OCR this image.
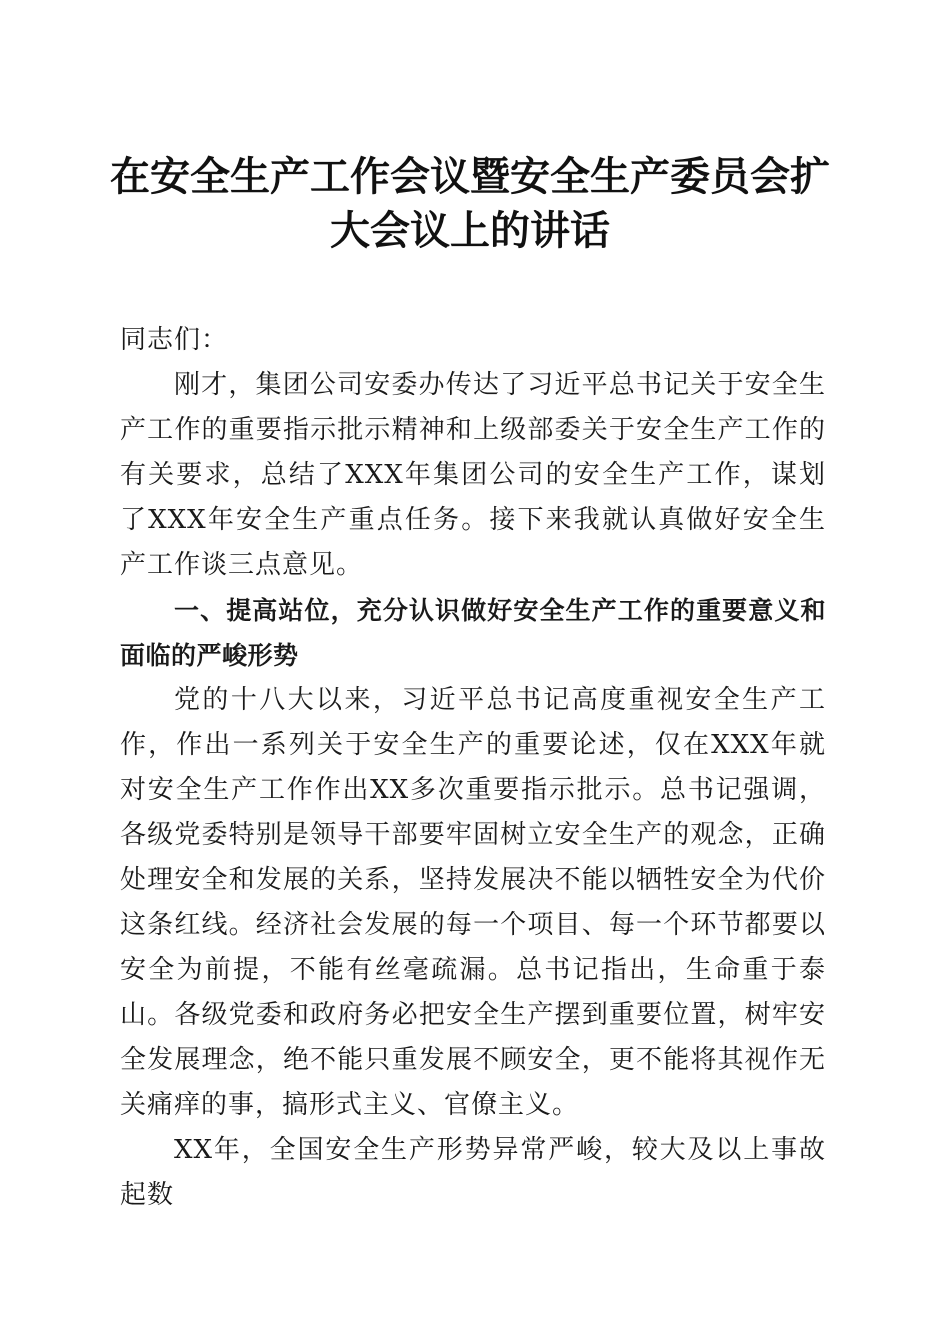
在安全生产工作会议暨安全生产委员会扩大会议上的讲话

同志们：

刚才，集团公司安委办传达了习近平总书记关于安全生产工作的重要指示批示精神和上级部委关于安全生产工作的有关要求，总结了XXX年集团公司的安全生产工作，谋划了XXX年安全生产重点任务。接下来我就认真做好安全生产工作谈三点意见。

一、提高站位，充分认识做好安全生产工作的重要意义和面临的严峻形势

党的十八大以来，习近平总书记高度重视安全生产工作，作出一系列关于安全生产的重要论述，仅在XXX年就对安全生产工作作出XX多次重要指示批示。总书记强调，各级党委特别是领导干部要牢固树立安全生产的观念，正确处理安全和发展的关系，坚持发展决不能以牺牲安全为代价这条红线。经济社会发展的每一个项目、每一个环节都要以安全为前提，不能有丝毫疏漏。总书记指出，生命重于泰山。各级党委和政府务必把安全生产摆到重要位置，树牢安全发展理念，绝不能只重发展不顾安全，更不能将其视作无关痛痒的事，搞形式主义、官僚主义。

XX年，全国安全生产形势异常严峻，较大及以上事故起数
